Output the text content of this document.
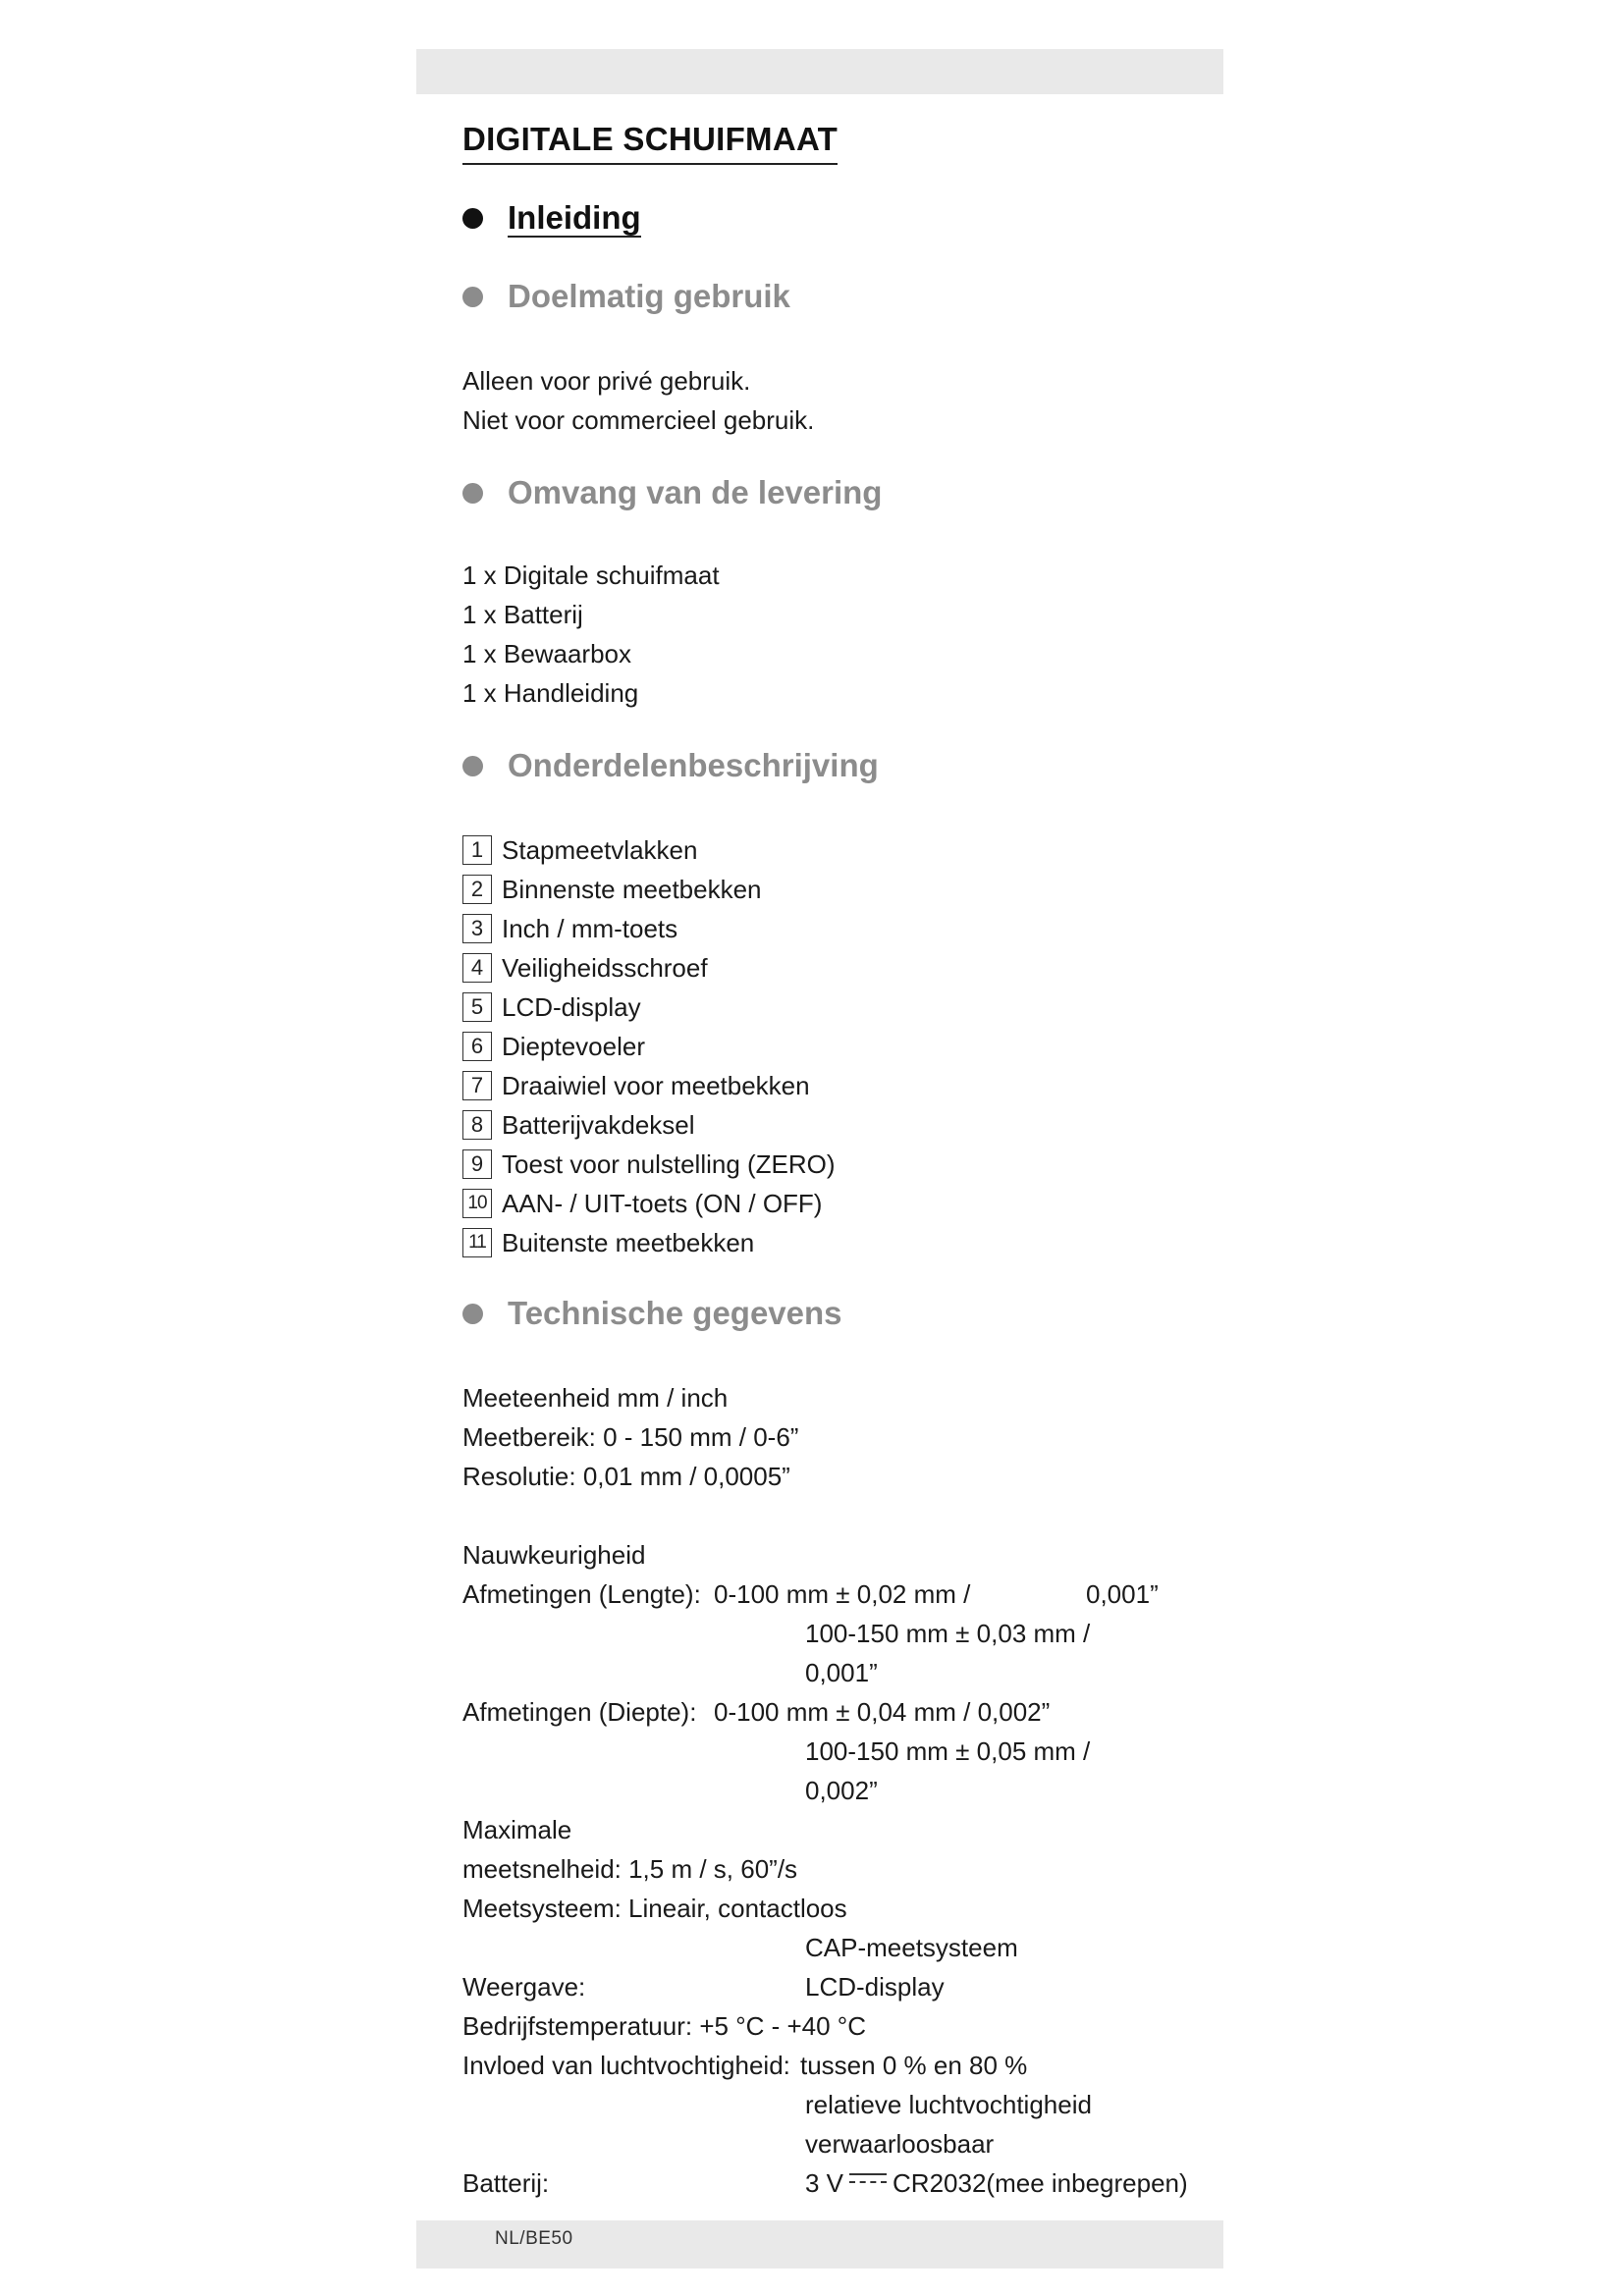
DIGITALE SCHUIFMAAT
Inleiding
Doelmatig gebruik
Alleen voor privé gebruik.
Niet voor commercieel gebruik.
Omvang van de levering
1 x Digitale schuifmaat
1 x Batterij
1 x Bewaarbox
1 x Handleiding
Onderdelenbeschrijving
1 Stapmeetvlakken
2 Binnenste meetbekken
3 Inch / mm-toets
4 Veiligheidsschroef
5 LCD-display
6 Dieptevoeler
7 Draaiwiel voor meetbekken
8 Batterijvakdeksel
9 Toest voor nulstelling (ZERO)
10 AAN- / UIT-toets (ON / OFF)
11 Buitenste meetbekken
Technische gegevens
Meeteenheid mm / inch
Meetbereik: 0 - 150 mm / 0-6”
Resolutie: 0,01 mm / 0,0005”
Nauwkeurigheid
Afmetingen (Lengte): 0-100 mm ± 0,02 mm /	0,001”
100-150 mm ± 0,03 mm /
0,001”
Afmetingen (Diepte): 0-100 mm ± 0,04 mm / 0,002”
100-150 mm ± 0,05 mm /
0,002”
Maximale
meetsnelheid: 1,5 m / s, 60”/s
Meetsysteem: Lineair, contactloos
CAP-meetsysteem
Weergave:	LCD-display
Bedrijfstemperatuur: +5 °C - +40 °C
Invloed van luchtvochtigheid: tussen 0 % en 80 %
relatieve luchtvochtigheid
verwaarloosbaar
Batterij:	3 V CR2032(mee inbegrepen)
NL/BE50
